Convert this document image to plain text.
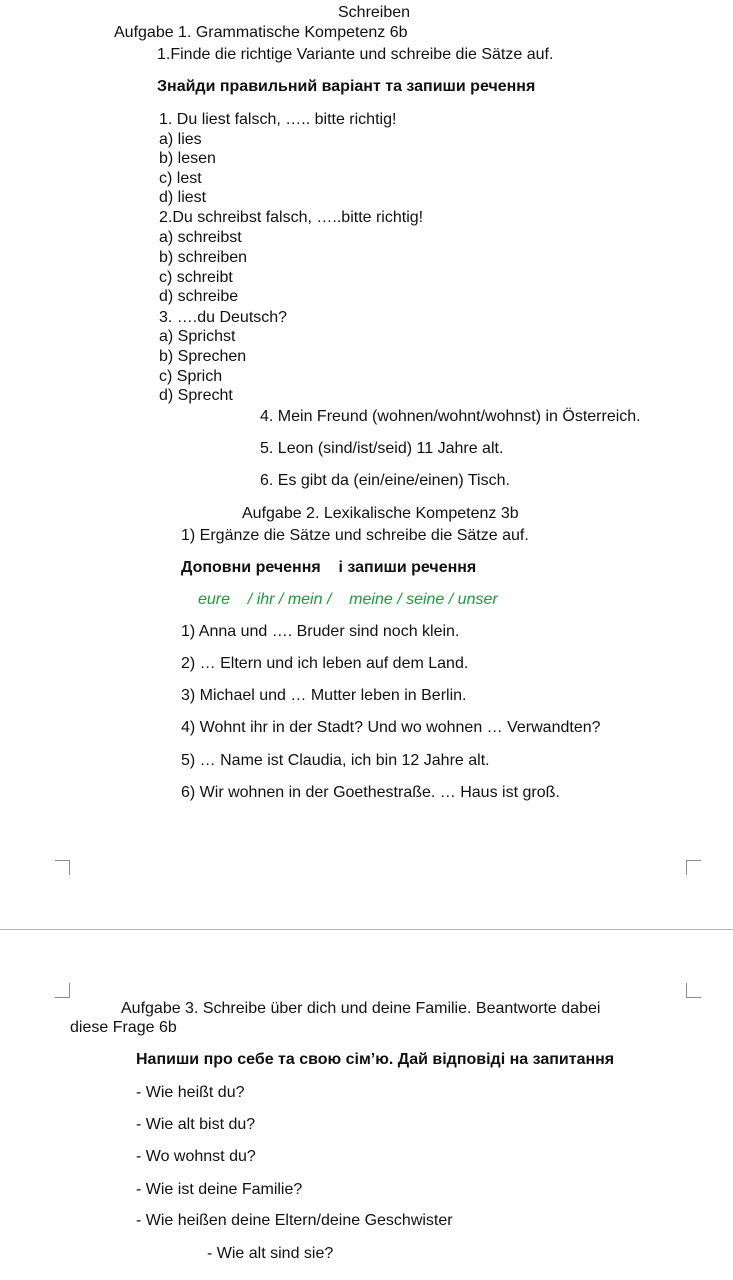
Schreiben
Aufgabe 1. Grammatische Kompetenz 6b
1.Finde die richtige Variante und schreibe die Sätze auf.
Знайди правильний варіант та запиши речення
1. Du liest falsch, ….. bitte richtig!
a) lies
b) lesen
c) lest
d) liest
2.Du schreibst falsch, …..bitte richtig!
a) schreibst
b) schreiben
c) schreibt
d) schreibe
3. ….du Deutsch?
a) Sprichst
b) Sprechen
c) Sprich
d) Sprecht
4. Mein Freund (wohnen/wohnt/wohnst) in Österreich.
5. Leon (sind/ist/seid) 11 Jahre alt.
6. Es gibt da (ein/eine/einen) Tisch.
Aufgabe 2. Lexikalische Kompetenz 3b
1) Ergänze die Sätze und schreibe die Sätze auf.
Доповни речення    і запиши речення
eure    / ihr / mein /    meine / seine / unser
1) Anna und …. Bruder sind noch klein.
2) … Eltern und ich leben auf dem Land.
3) Michael und … Mutter leben in Berlin.
4) Wohnt ihr in der Stadt? Und wo wohnen … Verwandten?
5) … Name ist Claudia, ich bin 12 Jahre alt.
6) Wir wohnen in der Goethestraße. … Haus ist groß.
Aufgabe 3. Schreibe über dich und deine Familie. Beantworte dabei
diese Frage 6b
Напиши про себе та свою сім’ю. Дай відповіді на запитання
- Wie heißt du?
- Wie alt bist du?
- Wo wohnst du?
- Wie ist deine Familie?
- Wie heißen deine Eltern/deine Geschwister
- Wie alt sind sie?
